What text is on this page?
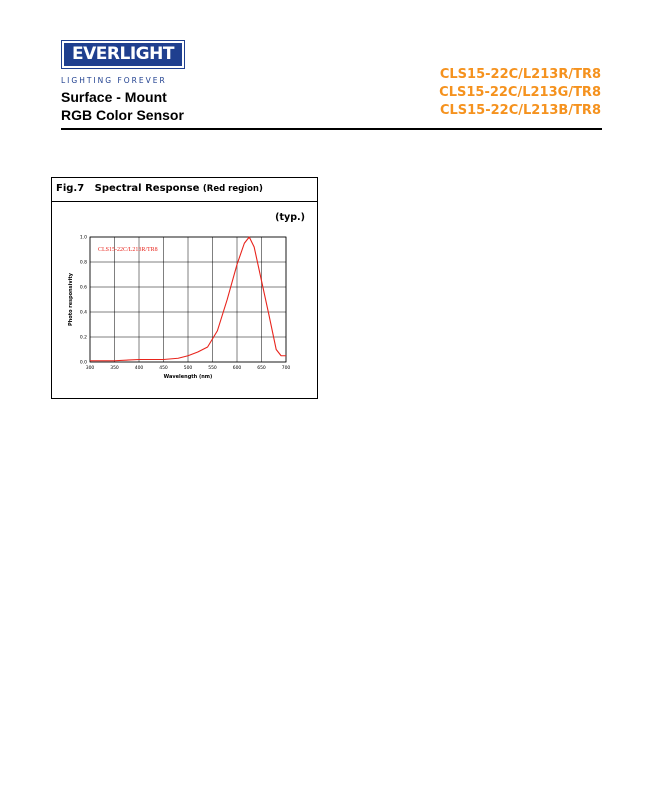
EVERLIGHT
LIGHTING FOREVER
Surface - Mount
RGB Color Sensor
CLS15-22C/L213R/TR8
CLS15-22C/L213G/TR8
CLS15-22C/L213B/TR8
Fig.7 Spectral Response (Red region)
(typ.)
300	350	400	450	500	550	600	650	700
0.0
0.2
0.4
0.6
0.8
1.0
Wavelength (nm)
Photo responsivity
CLS15-22C/L213R/TR8
